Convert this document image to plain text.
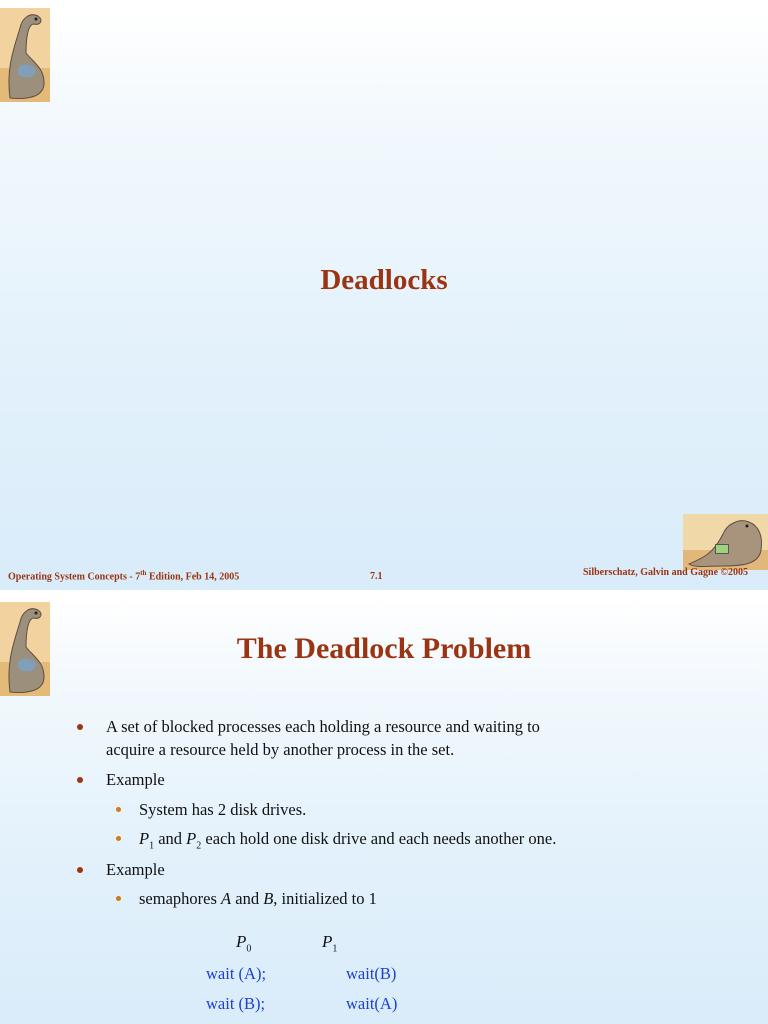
Deadlocks
Operating System Concepts - 7th Edition, Feb 14, 2005	7.1	Silberschatz, Galvin and Gagne ©2005
The Deadlock Problem
A set of blocked processes each holding a resource and waiting to
acquire a resource held by another process in the set.
Example
System has 2 disk drives.
$P_1$ and $P_2$ each hold one disk drive and each needs another one.
Example
semaphores A and B, initialized to 1
$P_0$	$P_1$
wait (A);	wait(B)
wait (B);	wait(A)
